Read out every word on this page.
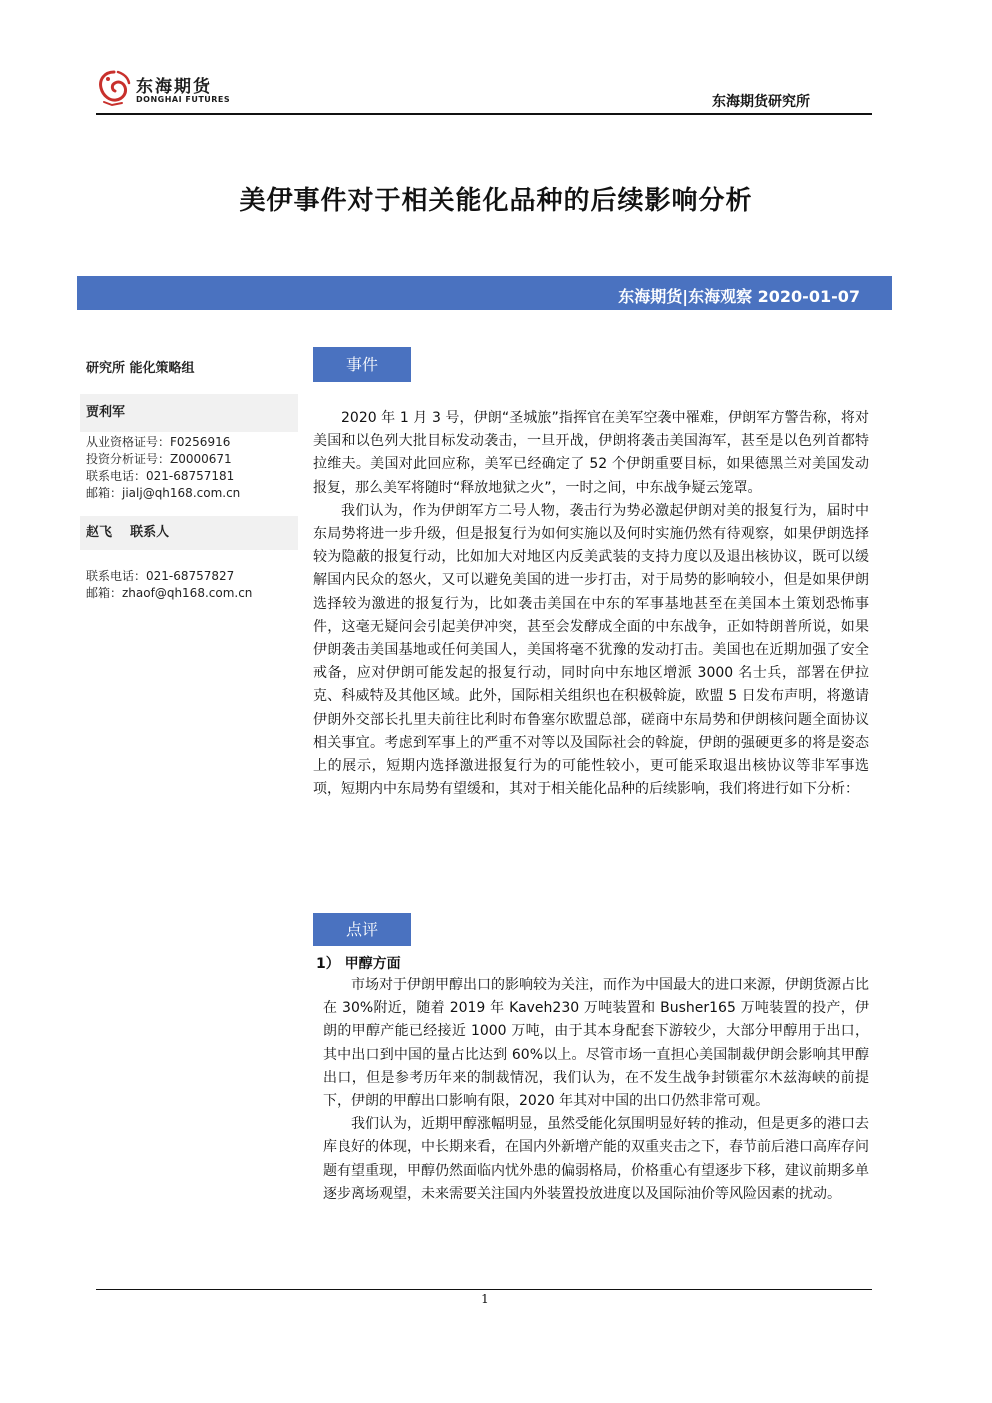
东海期货
DONGHAI FUTURES	东海期货研究所
美伊事件对于相关能化品种的后续影响分析
东海期货|东海观察 2020-01-07
研究所 能化策略组
贾利军
从业资格证号：F0256916
投资分析证号：Z0000671
联系电话：021-68757181
邮箱：jialj@qh168.com.cn
赵飞    联系人
联系电话：021-68757827
邮箱：zhaof@qh168.com.cn
事件

2020 年 1 月 3 号，伊朗“圣城旅”指挥官在美军空袭中罹难，伊朗军方警告称，将对美国和以色列大批目标发动袭击，一旦开战，伊朗将袭击美国海军，甚至是以色列首都特拉维夫。美国对此回应称，美军已经确定了 52 个伊朗重要目标，如果德黑兰对美国发动报复，那么美军将随时“释放地狱之火”，一时之间，中东战争疑云笼罩。

我们认为，作为伊朗军方二号人物，袭击行为势必激起伊朗对美的报复行为，届时中东局势将进一步升级，但是报复行为如何实施以及何时实施仍然有待观察，如果伊朗选择较为隐蔽的报复行动，比如加大对地区内反美武装的支持力度以及退出核协议，既可以缓解国内民众的怒火，又可以避免美国的进一步打击，对于局势的影响较小，但是如果伊朗选择较为激进的报复行为，比如袭击美国在中东的军事基地甚至在美国本土策划恐怖事件，这毫无疑问会引起美伊冲突，甚至会发酵成全面的中东战争，正如特朗普所说，如果伊朗袭击美国基地或任何美国人，美国将毫不犹豫的发动打击。美国也在近期加强了安全戒备，应对伊朗可能发起的报复行动，同时向中东地区增派 3000 名士兵，部署在伊拉克、科威特及其他区域。此外，国际相关组织也在积极斡旋，欧盟 5 日发布声明，将邀请伊朗外交部长扎里夫前往比利时布鲁塞尔欧盟总部，磋商中东局势和伊朗核问题全面协议相关事宜。考虑到军事上的严重不对等以及国际社会的斡旋，伊朗的强硬更多的将是姿态上的展示，短期内选择激进报复行为的可能性较小，更可能采取退出核协议等非军事选项，短期内中东局势有望缓和，其对于相关能化品种的后续影响，我们将进行如下分析：

点评
1） 甲醇方面

市场对于伊朗甲醇出口的影响较为关注，而作为中国最大的进口来源，伊朗货源占比在 30%附近，随着 2019 年 Kaveh230 万吨装置和 Busher165 万吨装置的投产，伊朗的甲醇产能已经接近 1000 万吨，由于其本身配套下游较少，大部分甲醇用于出口，其中出口到中国的量占比达到 60%以上。尽管市场一直担心美国制裁伊朗会影响其甲醇出口，但是参考历年来的制裁情况，我们认为，在不发生战争封锁霍尔木兹海峡的前提下，伊朗的甲醇出口影响有限，2020 年其对中国的出口仍然非常可观。

我们认为，近期甲醇涨幅明显，虽然受能化氛围明显好转的推动，但是更多的港口去库良好的体现，中长期来看，在国内外新增产能的双重夹击之下，春节前后港口高库存问题有望重现，甲醇仍然面临内忧外患的偏弱格局，价格重心有望逐步下移，建议前期多单逐步离场观望，未来需要关注国内外装置投放进度以及国际油价等风险因素的扰动。

1
